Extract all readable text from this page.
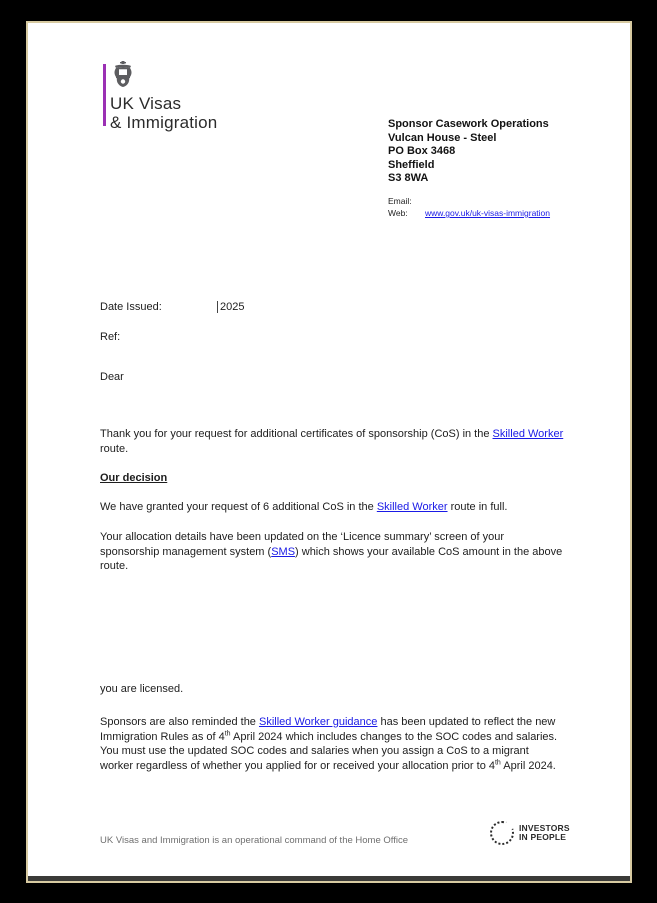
UK Visas
& Immigration	Sponsor Casework Operations
Vulcan House - Steel
PO Box 3468
Sheffield
S3 8WA
Email:
Web:	www.gov.uk/uk-visas-immigration
Date Issued:	2025
Ref:
Dear
Thank you for your request for additional certificates of sponsorship (CoS) in the Skilled Worker route.
Our decision
We have granted your request of 6 additional CoS in the Skilled Worker route in full.
Your allocation details have been updated on the ‘Licence summary’ screen of your sponsorship management system (SMS) which shows your available CoS amount in the above route.
you are licensed.
Sponsors are also reminded the Skilled Worker guidance has been updated to reflect the new Immigration Rules as of 4th April 2024 which includes changes to the SOC codes and salaries. You must use the updated SOC codes and salaries when you assign a CoS to a migrant worker regardless of whether you applied for or received your allocation prior to 4th April 2024.
UK Visas and Immigration is an operational command of the Home Office
INVESTORS
IN PEOPLE
